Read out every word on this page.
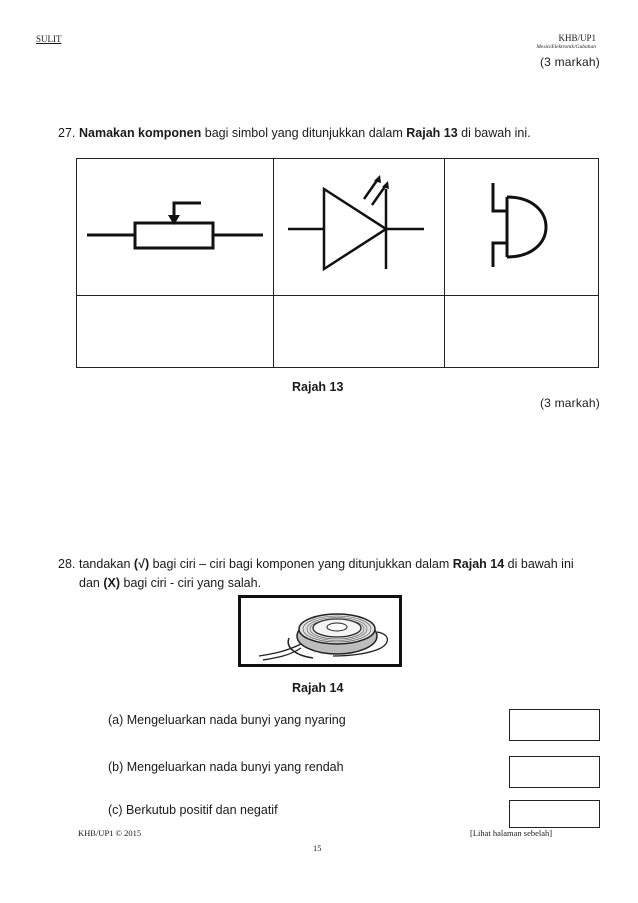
SULIT	KHB/UP1
Mesin/Elektronik/Gubahan
(3 markah)
27. Namakan komponen bagi simbol yang ditunjukkan dalam Rajah 13 di bawah ini.

Rajah 13
(3 markah)
28. tandakan (√) bagi ciri – ciri bagi komponen yang ditunjukkan dalam Rajah 14 di bawah ini
dan (X) bagi ciri - ciri yang salah.
Rajah 14
(a) Mengeluarkan nada bunyi yang nyaring
(b) Mengeluarkan nada bunyi yang rendah
(c) Berkutub positif dan negatif
KHB/UP1 © 2015	[Lihat halaman sebelah]
15
